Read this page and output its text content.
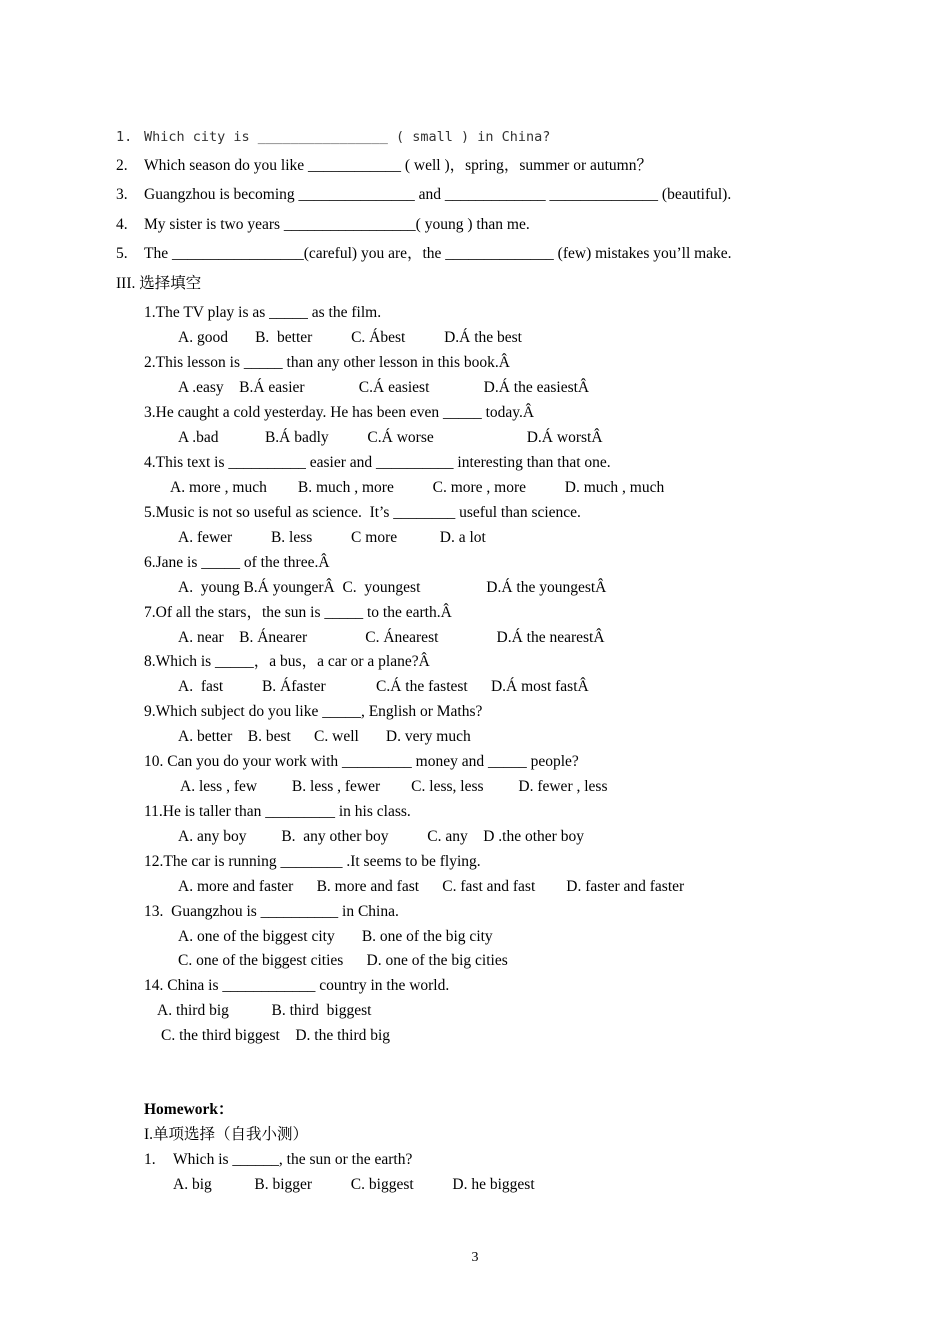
1. Which city is ________________ ( small ) in China?
2. Which season do you like ____________ ( well )，spring，summer or autumn？
3. Guangzhou is becoming _______________ and _____________ ______________ (beautiful).
4. My sister is two years _________________( young ) than me.
5. The _________________(careful) you are，the ______________ (few) mistakes you’ll make.
III. 选择填空
1.The TV play is as _____ as the film.
A. good       B.  better          C. Ábest          D.Á the best
2.This lesson is _____ than any other lesson in this book.Â
A .easy    B.Á easier              C.Á easiest              D.Á the easiestÂ
3.He caught a cold yesterday. He has been even _____ today.Â
A .bad            B.Á badly          C.Á worse                        D.Á worstÂ
4.This text is __________ easier and __________ interesting than that one.
A. more , much        B. much , more          C. more , more          D. much , much
5.Music is not so useful as science.  It’s ________ useful than science.
A. fewer          B. less          C more           D. a lot
6.Jane is _____ of the three.Â
A.  young B.Á youngerÂ  C.  youngest                 D.Á the youngestÂ
7.Of all the stars，the sun is _____ to the earth.Â
A. near    B. Ánearer               C. Ánearest               D.Á the nearestÂ
8.Which is _____，a bus，a car or a plane?Â
A.  fast          B. Áfaster             C.Á the fastest      D.Á most fastÂ
9.Which subject do you like _____, English or Maths?
A. better    B. best      C. well       D. very much
10. Can you do your work with _________ money and _____ people?
A. less , few         B. less , fewer        C. less, less         D. fewer , less
11.He is taller than _________ in his class.
A. any boy         B.  any other boy          C. any    D .the other boy
12.The car is running ________ .It seems to be flying.
A. more and faster      B. more and fast      C. fast and fast        D. faster and faster
13.  Guangzhou is __________ in China.
A. one of the biggest city       B. one of the big city
C. one of the biggest cities      D. one of the big cities
14. China is ____________ country in the world.
A. third big           B. third  biggest
C. the third biggest    D. the third big
Homework：
I.单项选择（自我小测）
1. Which is ______, the sun or the earth?
A. big           B. bigger          C. biggest          D. he biggest
3
